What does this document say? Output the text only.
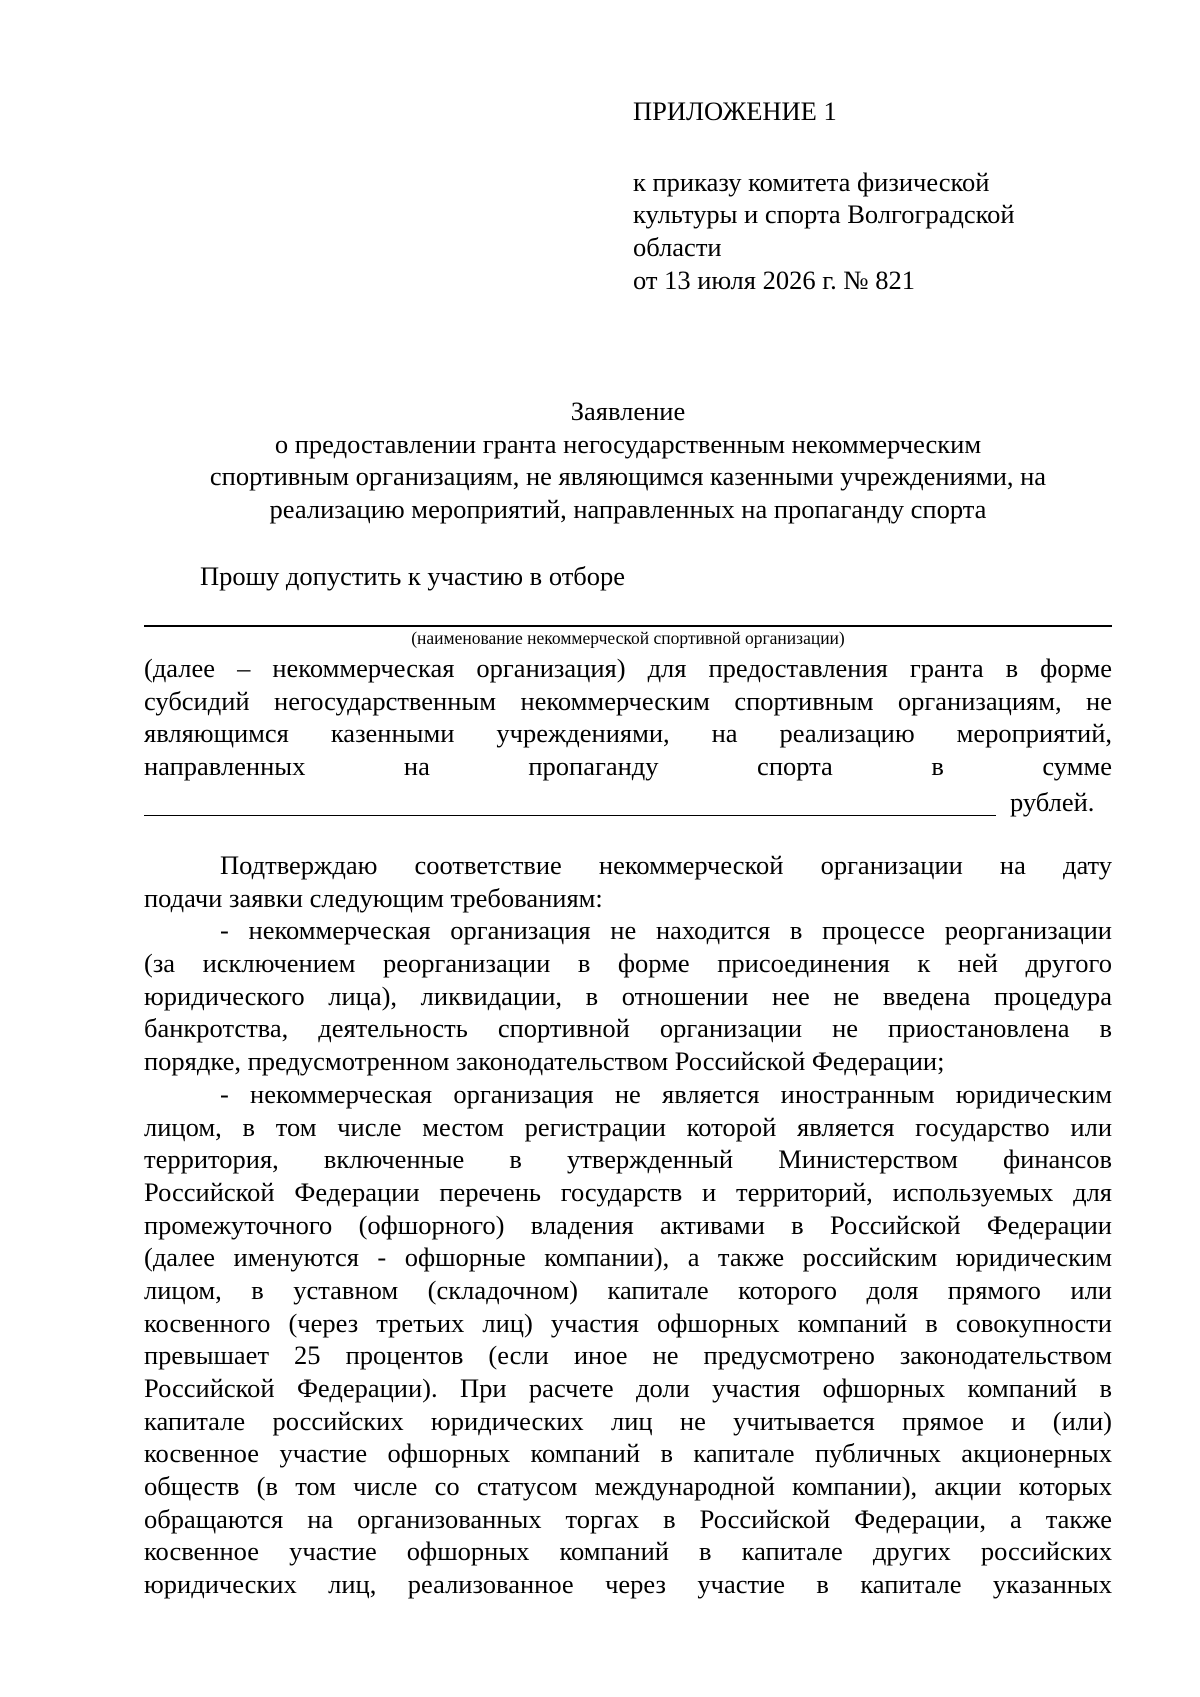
ПРИЛОЖЕНИЕ 1
к приказу комитета физической
культуры и спорта Волгоградской
области
от 13 июля 2026 г. № 821
Заявление
о предоставлении гранта негосударственным некоммерческим
спортивным организациям, не являющимся казенными учреждениями, на
реализацию мероприятий, направленных на пропаганду спорта
Прошу допустить к участию в отборе
(наименование некоммерческой спортивной организации)
(далее – некоммерческая организация) для предоставления гранта в форме
субсидий негосударственным некоммерческим спортивным организациям, не
являющимся казенными учреждениями, на реализацию мероприятий,
направленных на пропаганду спорта в сумме
рублей.
Подтверждаю соответствие некоммерческой организации на дату
подачи заявки следующим требованиям:
- некоммерческая организация не находится в процессе реорганизации
(за исключением реорганизации в форме присоединения к ней другого
юридического лица), ликвидации, в отношении нее не введена процедура
банкротства, деятельность спортивной организации не приостановлена в
порядке, предусмотренном законодательством Российской Федерации;
- некоммерческая организация не является иностранным юридическим
лицом, в том числе местом регистрации которой является государство или
территория, включенные в утвержденный Министерством финансов
Российской Федерации перечень государств и территорий, используемых для
промежуточного (офшорного) владения активами в Российской Федерации
(далее именуются - офшорные компании), а также российским юридическим
лицом, в уставном (складочном) капитале которого доля прямого или
косвенного (через третьих лиц) участия офшорных компаний в совокупности
превышает 25 процентов (если иное не предусмотрено законодательством
Российской Федерации). При расчете доли участия офшорных компаний в
капитале российских юридических лиц не учитывается прямое и (или)
косвенное участие офшорных компаний в капитале публичных акционерных
обществ (в том числе со статусом международной компании), акции которых
обращаются на организованных торгах в Российской Федерации, а также
косвенное участие офшорных компаний в капитале других российских
юридических лиц, реализованное через участие в капитале указанных
